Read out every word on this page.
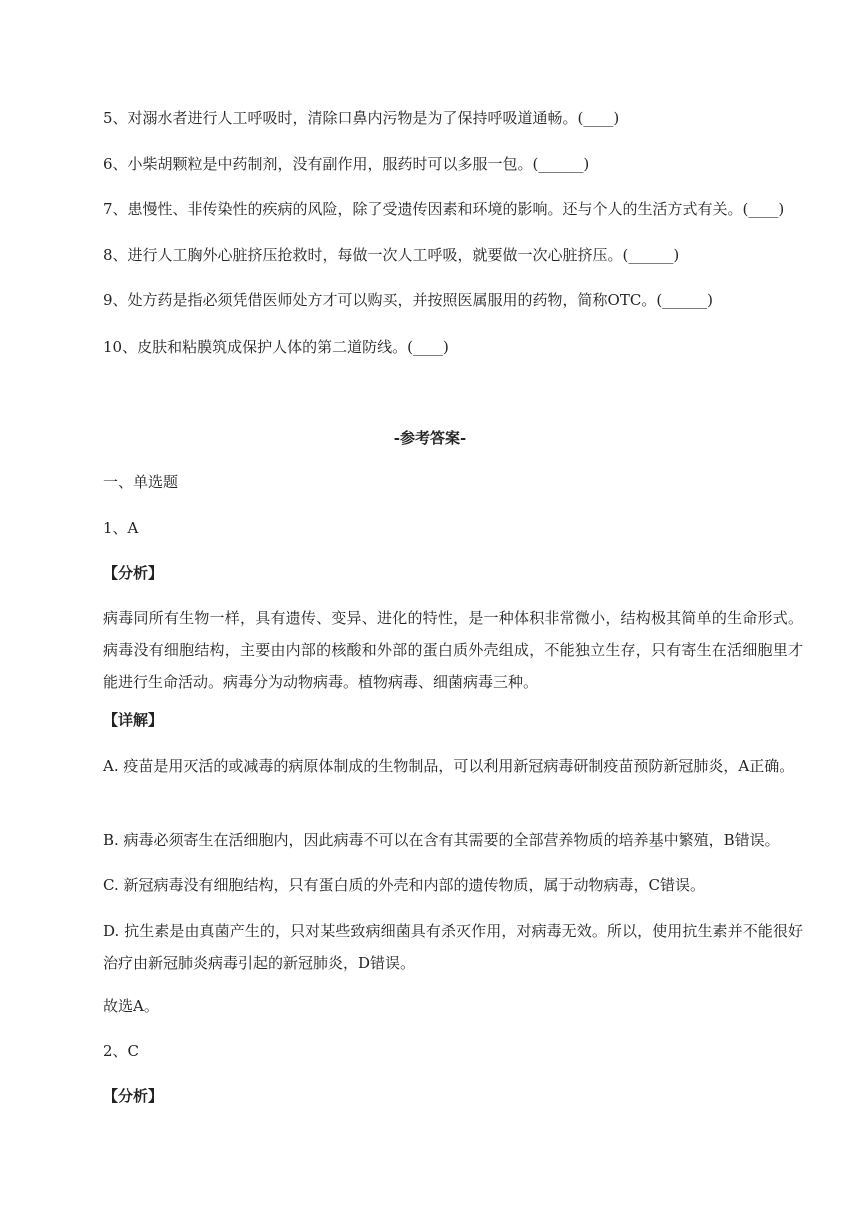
5、对溺水者进行人工呼吸时，清除口鼻内污物是为了保持呼吸道通畅。(____)
6、小柴胡颗粒是中药制剂，没有副作用，服药时可以多服一包。(______)
7、患慢性、非传染性的疾病的风险，除了受遗传因素和环境的影响。还与个人的生活方式有关。(____)
8、进行人工胸外心脏挤压抢救时，每做一次人工呼吸，就要做一次心脏挤压。(______)
9、处方药是指必须凭借医师处方才可以购买，并按照医属服用的药物，简称OTC。(______)
10、皮肤和粘膜筑成保护人体的第二道防线。(____)
-参考答案-
一、单选题
1、A
【分析】
病毒同所有生物一样，具有遗传、变异、进化的特性，是一种体积非常微小，结构极其简单的生命形式。病毒没有细胞结构，主要由内部的核酸和外部的蛋白质外壳组成，不能独立生存，只有寄生在活细胞里才能进行生命活动。病毒分为动物病毒。植物病毒、细菌病毒三种。
【详解】
A. 疫苗是用灭活的或减毒的病原体制成的生物制品，可以利用新冠病毒研制疫苗预防新冠肺炎，A正确。
B. 病毒必须寄生在活细胞内，因此病毒不可以在含有其需要的全部营养物质的培养基中繁殖，B错误。
C. 新冠病毒没有细胞结构，只有蛋白质的外壳和内部的遗传物质，属于动物病毒，C错误。
D. 抗生素是由真菌产生的，只对某些致病细菌具有杀灭作用，对病毒无效。所以，使用抗生素并不能很好治疗由新冠肺炎病毒引起的新冠肺炎，D错误。
故选A。
2、C
【分析】
